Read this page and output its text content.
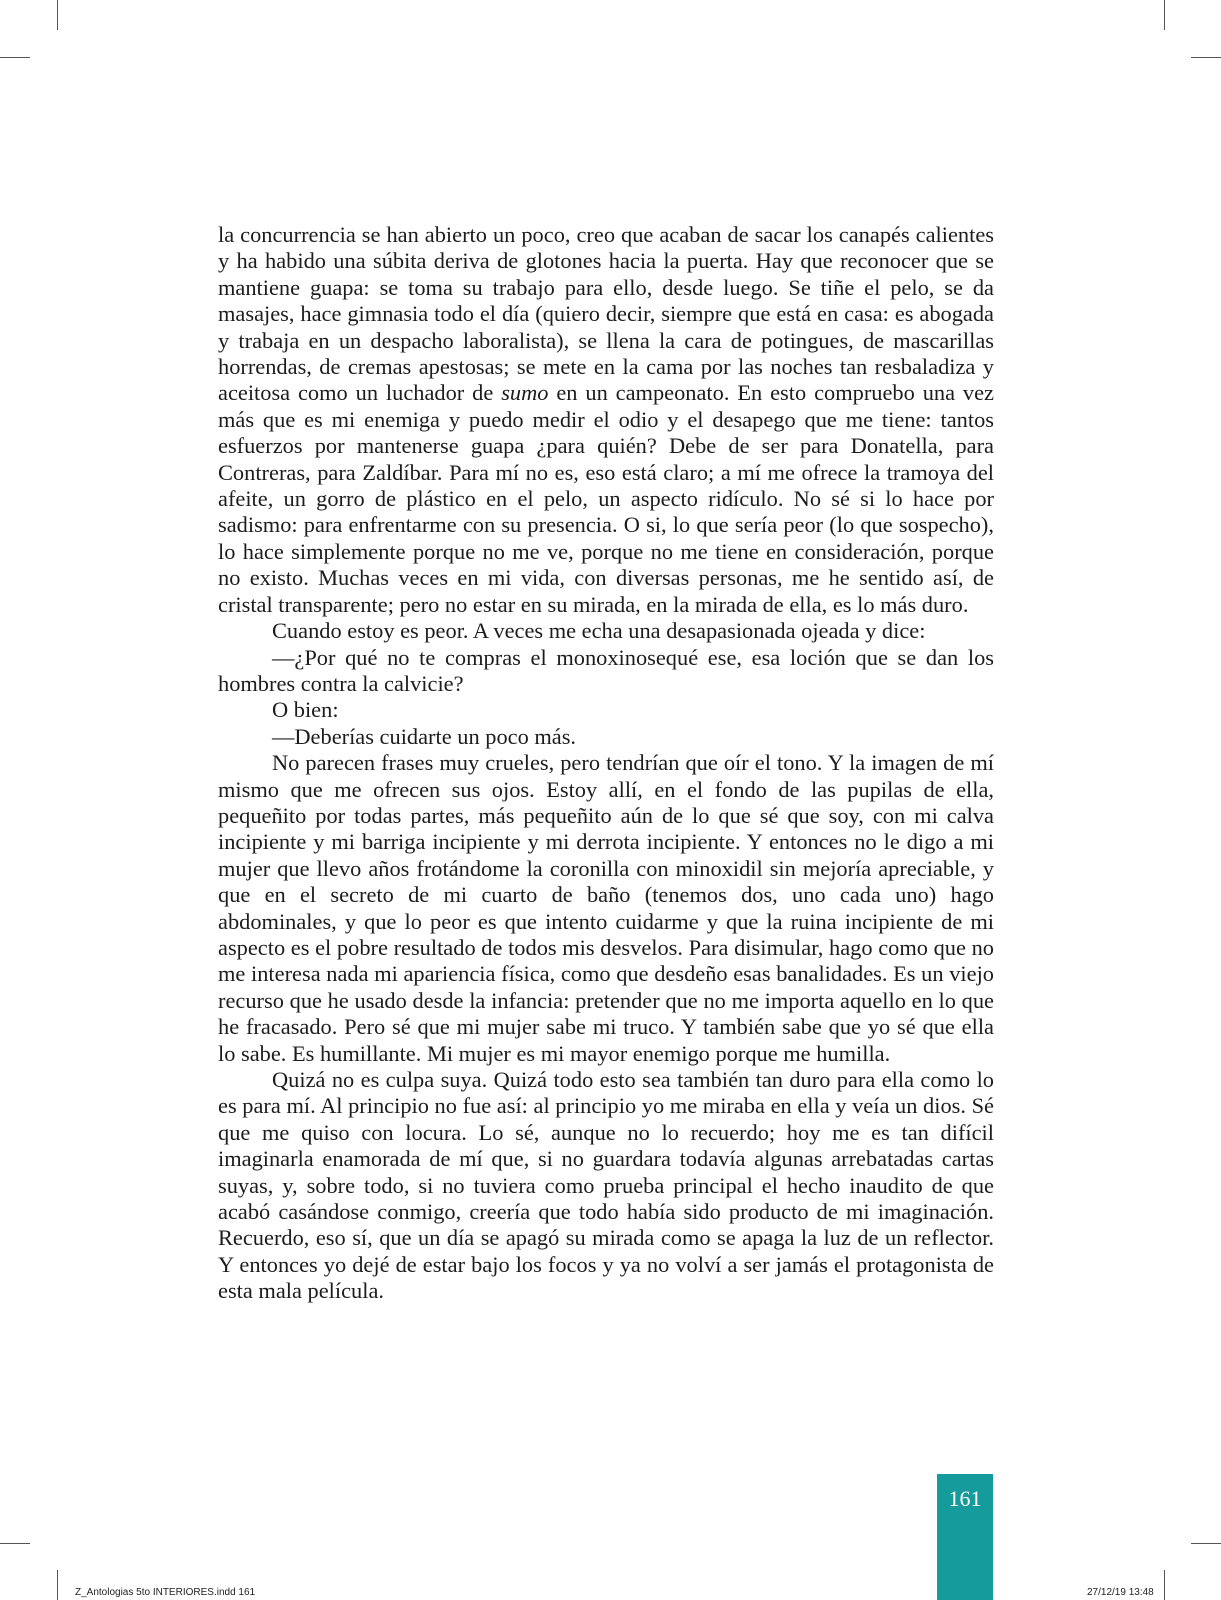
la concurrencia se han abierto un poco, creo que acaban de sacar los canapés calientes y ha habido una súbita deriva de glotones hacia la puerta. Hay que reconocer que se mantiene guapa: se toma su trabajo para ello, desde luego. Se tiñe el pelo, se da masajes, hace gimnasia todo el día (quiero decir, siempre que está en casa: es abogada y trabaja en un despacho laboralista), se llena la cara de potingues, de mascarillas horrendas, de cremas apestosas; se mete en la cama por las noches tan resbaladiza y aceitosa como un luchador de sumo en un campeonato. En esto compruebo una vez más que es mi enemiga y puedo medir el odio y el desapego que me tiene: tantos esfuerzos por mantenerse guapa ¿para quién? Debe de ser para Donatella, para Contreras, para Zaldíbar. Para mí no es, eso está claro; a mí me ofrece la tramoya del afeite, un gorro de plástico en el pelo, un aspecto ridículo. No sé si lo hace por sadismo: para enfrentarme con su presencia. O si, lo que sería peor (lo que sospecho), lo hace simplemente porque no me ve, porque no me tiene en consideración, porque no existo. Muchas veces en mi vida, con diversas personas, me he sentido así, de cristal transparente; pero no estar en su mirada, en la mirada de ella, es lo más duro.

Cuando estoy es peor. A veces me echa una desapasionada ojeada y dice:

—¿Por qué no te compras el monoxinosequé ese, esa loción que se dan los hombres contra la calvicie?

O bien:

—Deberías cuidarte un poco más.

No parecen frases muy crueles, pero tendrían que oír el tono. Y la imagen de mí mismo que me ofrecen sus ojos. Estoy allí, en el fondo de las pupilas de ella, pequeñito por todas partes, más pequeñito aún de lo que sé que soy, con mi calva incipiente y mi barriga incipiente y mi derrota incipiente. Y entonces no le digo a mi mujer que llevo años frotándome la coronilla con minoxidil sin mejoría apreciable, y que en el secreto de mi cuarto de baño (tenemos dos, uno cada uno) hago abdominales, y que lo peor es que intento cuidarme y que la ruina incipiente de mi aspecto es el pobre resultado de todos mis desvelos. Para disimular, hago como que no me interesa nada mi apariencia física, como que desdeño esas banalidades. Es un viejo recurso que he usado desde la infancia: pretender que no me importa aquello en lo que he fracasado. Pero sé que mi mujer sabe mi truco. Y también sabe que yo sé que ella lo sabe. Es humillante. Mi mujer es mi mayor enemigo porque me humilla.

Quizá no es culpa suya. Quizá todo esto sea también tan duro para ella como lo es para mí. Al principio no fue así: al principio yo me miraba en ella y veía un dios. Sé que me quiso con locura. Lo sé, aunque no lo recuerdo; hoy me es tan difícil imaginarla enamorada de mí que, si no guardara todavía algunas arrebatadas cartas suyas, y, sobre todo, si no tuviera como prueba principal el hecho inaudito de que acabó casándose conmigo, creería que todo había sido producto de mi imaginación. Recuerdo, eso sí, que un día se apagó su mirada como se apaga la luz de un reflector. Y entonces yo dejé de estar bajo los focos y ya no volví a ser jamás el protagonista de esta mala película.

161
Z_Antologias 5to INTERIORES.indd 161	27/12/19 13:48
